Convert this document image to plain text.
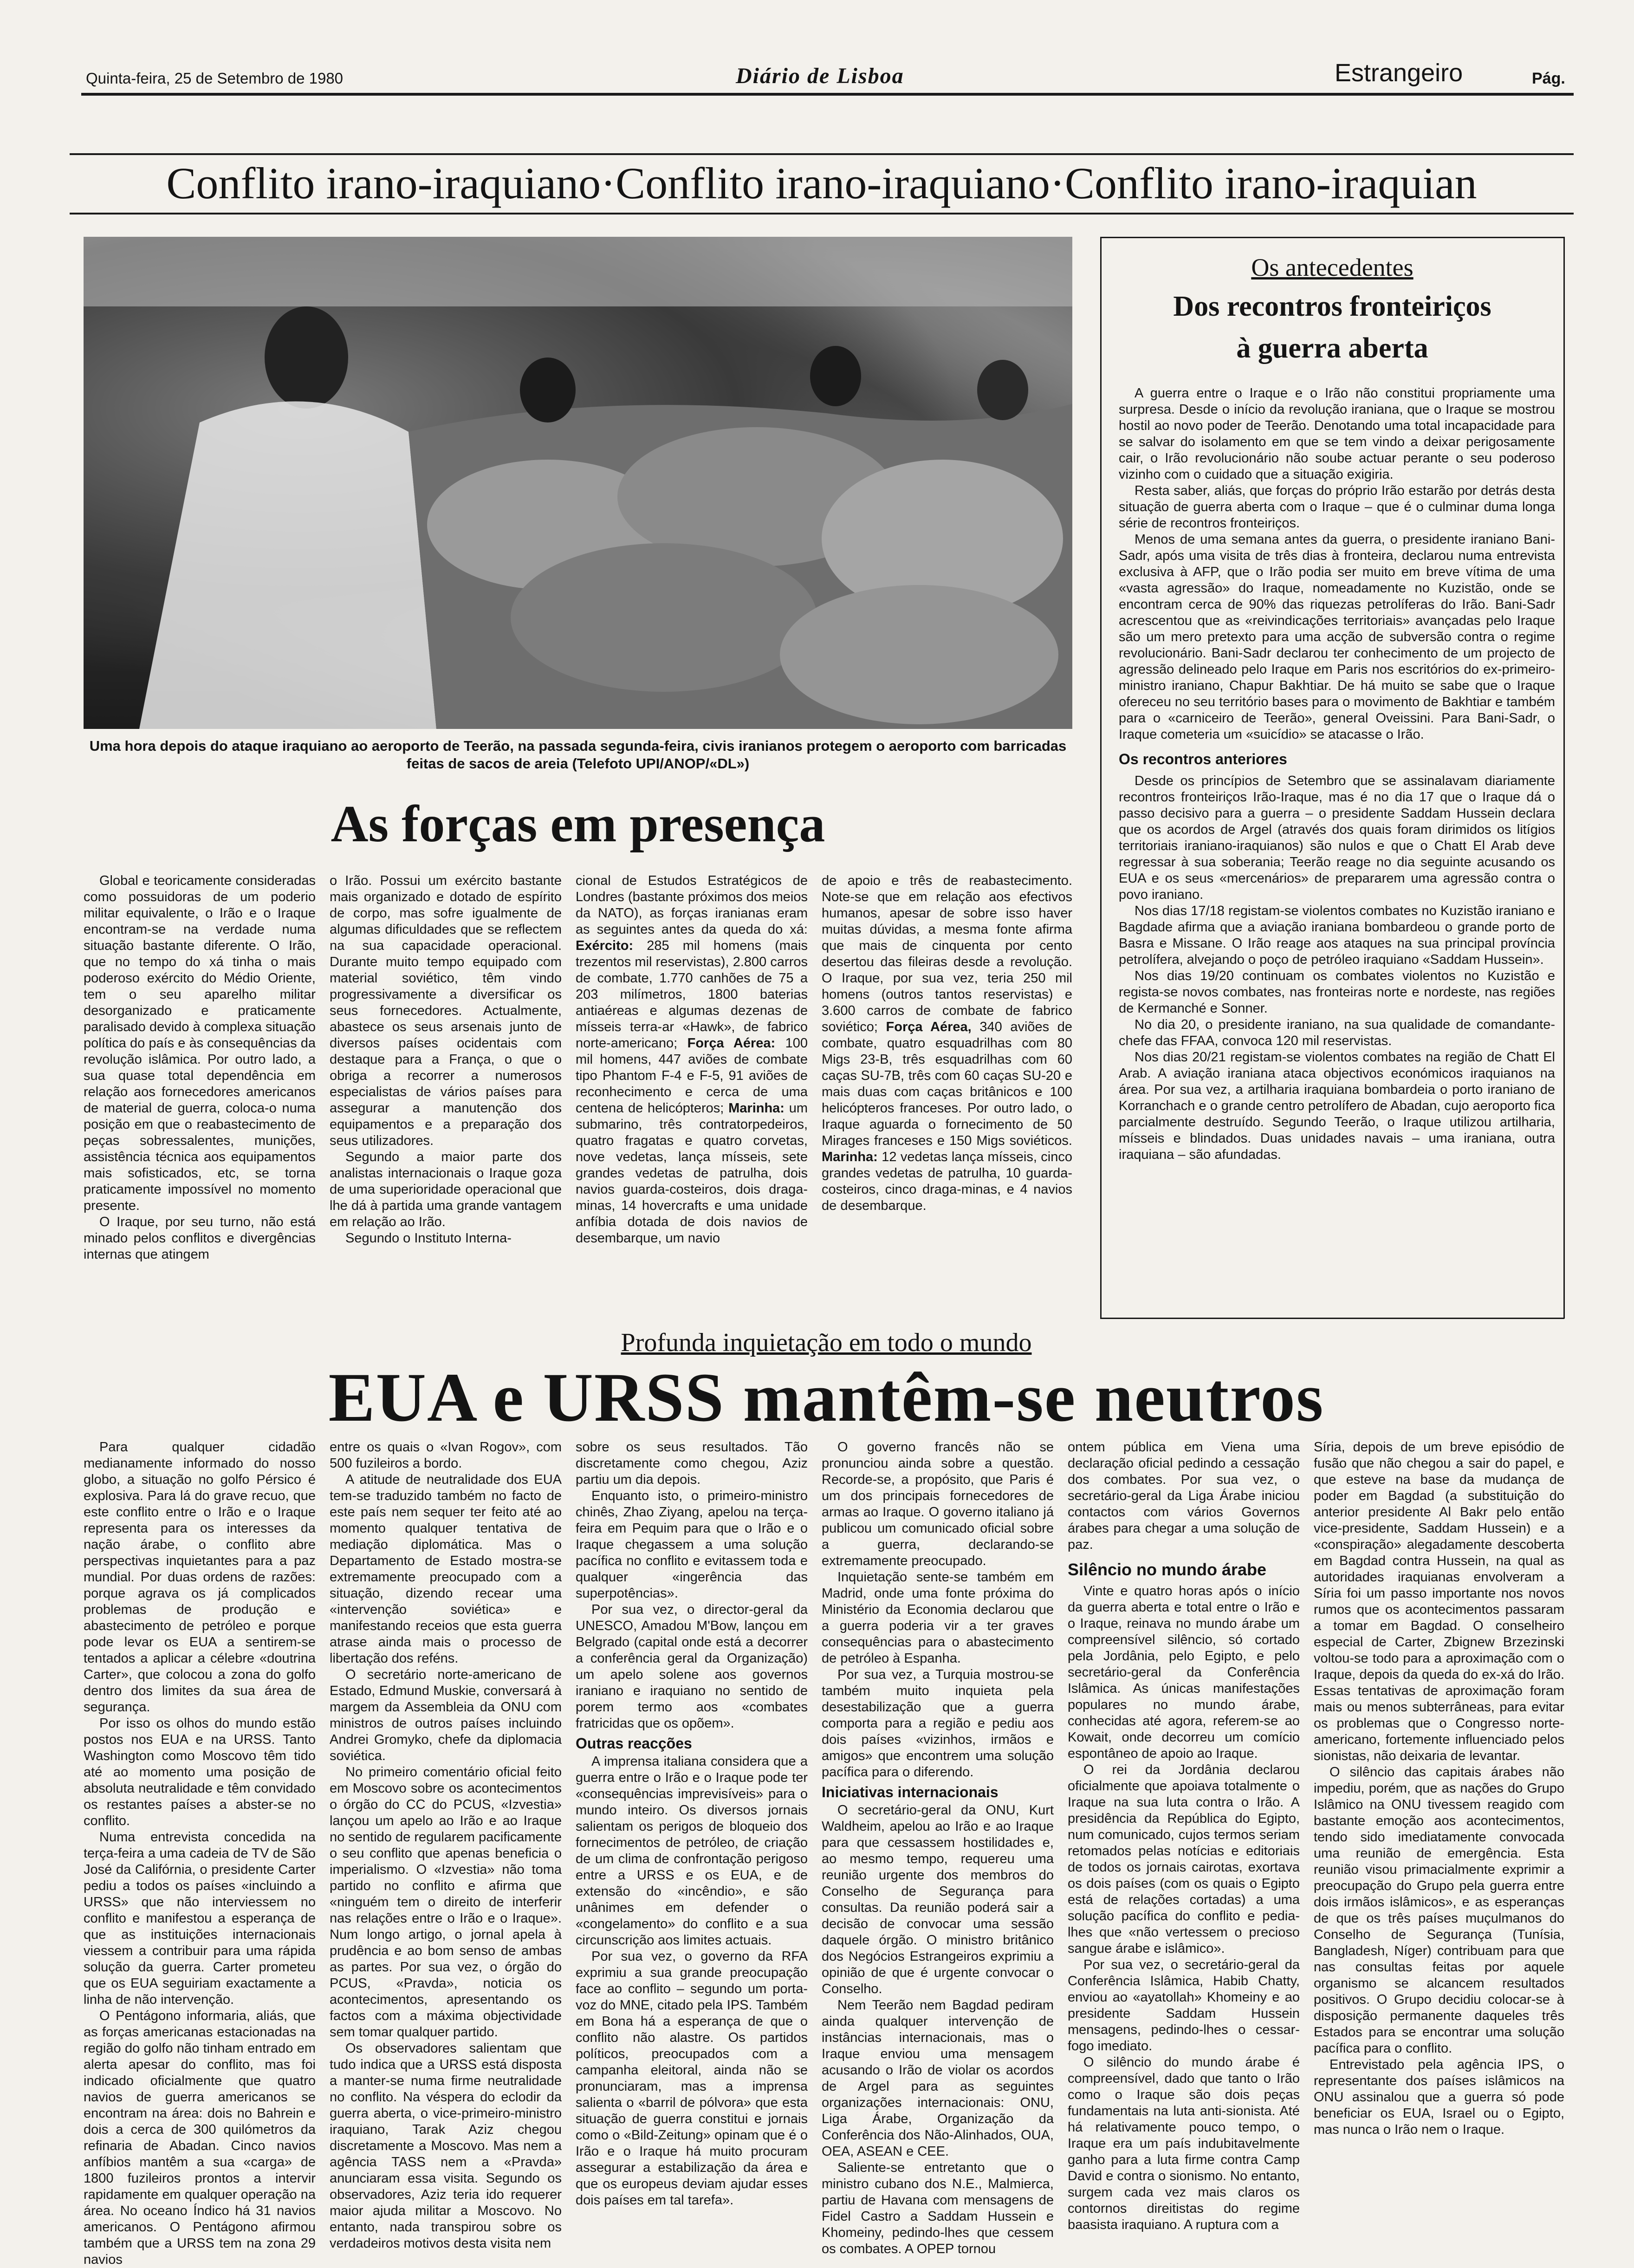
Quinta-feira, 25 de Setembro de 1980	Diário de Lisboa	Estrangeiro	Pág.
Conflito irano-iraquiano·Conflito irano-iraquiano·Conflito irano-iraquian
Uma hora depois do ataque iraquiano ao aeroporto de Teerão, na passada segunda-feira, civis iranianos protegem o aeroporto com barricadas feitas de sacos de areia (Telefoto UPI/ANOP/«DL»)
Os antecedentes
Dos recontros fronteiriços
à guerra aberta

A guerra entre o Iraque e o Irão não constitui propriamente uma surpresa. Desde o início da revolução iraniana, que o Iraque se mostrou hostil ao novo poder de Teerão. Denotando uma total incapacidade para se salvar do isolamento em que se tem vindo a deixar perigosamente cair, o Irão revolucionário não soube actuar perante o seu poderoso vizinho com o cuidado que a situação exigiria.

Resta saber, aliás, que forças do próprio Irão estarão por detrás desta situação de guerra aberta com o Iraque – que é o culminar duma longa série de recontros fronteiriços.

Menos de uma semana antes da guerra, o presidente iraniano Bani-Sadr, após uma visita de três dias à fronteira, declarou numa entrevista exclusiva à AFP, que o Irão podia ser muito em breve vítima de uma «vasta agressão» do Iraque, nomeadamente no Kuzistão, onde se encontram cerca de 90% das riquezas petrolíferas do Irão. Bani-Sadr acrescentou que as «reivindicações territoriais» avançadas pelo Iraque são um mero pretexto para uma acção de subversão contra o regime revolucionário. Bani-Sadr declarou ter conhecimento de um projecto de agressão delineado pelo Iraque em Paris nos escritórios do ex-primeiro-ministro iraniano, Chapur Bakhtiar. De há muito se sabe que o Iraque ofereceu no seu território bases para o movimento de Bakhtiar e também para o «carniceiro de Teerão», general Oveissini. Para Bani-Sadr, o Iraque cometeria um «suicídio» se atacasse o Irão.

Os recontros anteriores

Desde os princípios de Setembro que se assinalavam diariamente recontros fronteiriços Irão-Iraque, mas é no dia 17 que o Iraque dá o passo decisivo para a guerra – o presidente Saddam Hussein declara que os acordos de Argel (através dos quais foram dirimidos os litígios territoriais iraniano-iraquianos) são nulos e que o Chatt El Arab deve regressar à sua soberania; Teerão reage no dia seguinte acusando os EUA e os seus «mercenários» de prepararem uma agressão contra o povo iraniano.

Nos dias 17/18 registam-se violentos combates no Kuzistão iraniano e Bagdade afirma que a aviação iraniana bombardeou o grande porto de Basra e Missane. O Irão reage aos ataques na sua principal província petrolífera, alvejando o poço de petróleo iraquiano «Saddam Hussein».

Nos dias 19/20 continuam os combates violentos no Kuzistão e regista-se novos combates, nas fronteiras norte e nordeste, nas regiões de Kermanché e Sonner.

No dia 20, o presidente iraniano, na sua qualidade de comandante-chefe das FFAA, convoca 120 mil reservistas.

Nos dias 20/21 registam-se violentos combates na região de Chatt El Arab. A aviação iraniana ataca objectivos económicos iraquianos na área. Por sua vez, a artilharia iraquiana bombardeia o porto iraniano de Korranchach e o grande centro petrolífero de Abadan, cujo aeroporto fica parcialmente destruído. Segundo Teerão, o Iraque utilizou artilharia, mísseis e blindados. Duas unidades navais – uma iraniana, outra iraquiana – são afundadas.

As forças em presença

Global e teoricamente consideradas como possuidoras de um poderio militar equivalente, o Irão e o Iraque encontram-se na verdade numa situação bastante diferente. O Irão, que no tempo do xá tinha o mais poderoso exército do Médio Oriente, tem o seu aparelho militar desorganizado e praticamente paralisado devido à complexa situação política do país e às consequências da revolução islâmica. Por outro lado, a sua quase total dependência em relação aos fornecedores americanos de material de guerra, coloca-o numa posição em que o reabastecimento de peças sobressalentes, munições, assistência técnica aos equipamentos mais sofisticados, etc, se torna praticamente impossível no momento presente.

O Iraque, por seu turno, não está minado pelos conflitos e divergências internas que atingem

o Irão. Possui um exército bastante mais organizado e dotado de espírito de corpo, mas sofre igualmente de algumas dificuldades que se reflectem na sua capacidade operacional. Durante muito tempo equipado com material soviético, têm vindo progressivamente a diversificar os seus fornecedores. Actualmente, abastece os seus arsenais junto de diversos países ocidentais com destaque para a França, o que o obriga a recorrer a numerosos especialistas de vários países para assegurar a manutenção dos equipamentos e a preparação dos seus utilizadores.

Segundo a maior parte dos analistas internacionais o Iraque goza de uma superioridade operacional que lhe dá à partida uma grande vantagem em relação ao Irão.

Segundo o Instituto Interna-

cional de Estudos Estratégicos de Londres (bastante próximos dos meios da NATO), as forças iranianas eram as seguintes antes da queda do xá: Exército: 285 mil homens (mais trezentos mil reservistas), 2.800 carros de combate, 1.770 canhões de 75 a 203 milímetros, 1800 baterias antiaéreas e algumas dezenas de mísseis terra-ar «Hawk», de fabrico norte-americano; Força Aérea: 100 mil homens, 447 aviões de combate tipo Phantom F-4 e F-5, 91 aviões de reconhecimento e cerca de uma centena de helicópteros; Marinha: um submarino, três contratorpedeiros, quatro fragatas e quatro corvetas, nove vedetas, lança mísseis, sete grandes vedetas de patrulha, dois navios guarda-costeiros, dois draga-minas, 14 hovercrafts e uma unidade anfíbia dotada de dois navios de desembarque, um navio

de apoio e três de reabastecimento. Note-se que em relação aos efectivos humanos, apesar de sobre isso haver muitas dúvidas, a mesma fonte afirma que mais de cinquenta por cento desertou das fileiras desde a revolução. O Iraque, por sua vez, teria 250 mil homens (outros tantos reservistas) e 3.600 carros de combate de fabrico soviético; Força Aérea, 340 aviões de combate, quatro esquadrilhas com 80 Migs 23-B, três esquadrilhas com 60 caças SU-7B, três com 60 caças SU-20 e mais duas com caças britânicos e 100 helicópteros franceses. Por outro lado, o Iraque aguarda o fornecimento de 50 Mirages franceses e 150 Migs soviéticos. Marinha: 12 vedetas lança mísseis, cinco grandes vedetas de patrulha, 10 guarda-costeiros, cinco draga-minas, e 4 navios de desembarque.

Profunda inquietação em todo o mundo
EUA e URSS mantêm-se neutros

Para qualquer cidadão medianamente informado do nosso globo, a situação no golfo Pérsico é explosiva. Para lá do grave recuo, que este conflito entre o Irão e o Iraque representa para os interesses da nação árabe, o conflito abre perspectivas inquietantes para a paz mundial. Por duas ordens de razões: porque agrava os já complicados problemas de produção e abastecimento de petróleo e porque pode levar os EUA a sentirem-se tentados a aplicar a célebre «doutrina Carter», que colocou a zona do golfo dentro dos limites da sua área de segurança.

Por isso os olhos do mundo estão postos nos EUA e na URSS. Tanto Washington como Moscovo têm tido até ao momento uma posição de absoluta neutralidade e têm convidado os restantes países a abster-se no conflito.

Numa entrevista concedida na terça-feira a uma cadeia de TV de São José da Califórnia, o presidente Carter pediu a todos os países «incluindo a URSS» que não interviessem no conflito e manifestou a esperança de que as instituições internacionais viessem a contribuir para uma rápida solução da guerra. Carter prometeu que os EUA seguiriam exactamente a linha de não intervenção.

O Pentágono informaria, aliás, que as forças americanas estacionadas na região do golfo não tinham entrado em alerta apesar do conflito, mas foi indicado oficialmente que quatro navios de guerra americanos se encontram na área: dois no Bahrein e dois a cerca de 300 quilómetros da refinaria de Abadan. Cinco navios anfíbios mantêm a sua «carga» de 1800 fuzileiros prontos a intervir rapidamente em qualquer operação na área. No oceano Índico há 31 navios americanos. O Pentágono afirmou também que a URSS tem na zona 29 navios

entre os quais o «Ivan Rogov», com 500 fuzileiros a bordo.

A atitude de neutralidade dos EUA tem-se traduzido também no facto de este país nem sequer ter feito até ao momento qualquer tentativa de mediação diplomática. Mas o Departamento de Estado mostra-se extremamente preocupado com a situação, dizendo recear uma «intervenção soviética» e manifestando receios que esta guerra atrase ainda mais o processo de libertação dos reféns.

O secretário norte-americano de Estado, Edmund Muskie, conversará à margem da Assembleia da ONU com ministros de outros países incluindo Andrei Gromyko, chefe da diplomacia soviética.

No primeiro comentário oficial feito em Moscovo sobre os acontecimentos o órgão do CC do PCUS, «Izvestia» lançou um apelo ao Irão e ao Iraque no sentido de regularem pacificamente o seu conflito que apenas beneficia o imperialismo. O «Izvestia» não toma partido no conflito e afirma que «ninguém tem o direito de interferir nas relações entre o Irão e o Iraque». Num longo artigo, o jornal apela à prudência e ao bom senso de ambas as partes. Por sua vez, o órgão do PCUS, «Pravda», noticia os acontecimentos, apresentando os factos com a máxima objectividade sem tomar qualquer partido.

Os observadores salientam que tudo indica que a URSS está disposta a manter-se numa firme neutralidade no conflito. Na véspera do eclodir da guerra aberta, o vice-primeiro-ministro iraquiano, Tarak Aziz chegou discretamente a Moscovo. Mas nem a agência TASS nem a «Pravda» anunciaram essa visita. Segundo os observadores, Aziz teria ido requerer maior ajuda militar a Moscovo. No entanto, nada transpirou sobre os verdadeiros motivos desta visita nem

sobre os seus resultados. Tão discretamente como chegou, Aziz partiu um dia depois.

Enquanto isto, o primeiro-ministro chinês, Zhao Ziyang, apelou na terça-feira em Pequim para que o Irão e o Iraque chegassem a uma solução pacífica no conflito e evitassem toda e qualquer «ingerência das superpotências».

Por sua vez, o director-geral da UNESCO, Amadou M'Bow, lançou em Belgrado (capital onde está a decorrer a conferência geral da Organização) um apelo solene aos governos iraniano e iraquiano no sentido de porem termo aos «combates fratricidas que os opõem».

Outras reacções

A imprensa italiana considera que a guerra entre o Irão e o Iraque pode ter «consequências imprevisíveis» para o mundo inteiro. Os diversos jornais salientam os perigos de bloqueio dos fornecimentos de petróleo, de criação de um clima de confrontação perigoso entre a URSS e os EUA, e de extensão do «incêndio», e são unânimes em defender o «congelamento» do conflito e a sua circunscrição aos limites actuais.

Por sua vez, o governo da RFA exprimiu a sua grande preocupação face ao conflito – segundo um porta-voz do MNE, citado pela IPS. Também em Bona há a esperança de que o conflito não alastre. Os partidos políticos, preocupados com a campanha eleitoral, ainda não se pronunciaram, mas a imprensa salienta o «barril de pólvora» que esta situação de guerra constitui e jornais como o «Bild-Zeitung» opinam que é o Irão e o Iraque há muito procuram assegurar a estabilização da área e que os europeus deviam ajudar esses dois países em tal tarefa».

O governo francês não se pronunciou ainda sobre a questão. Recorde-se, a propósito, que Paris é um dos principais fornecedores de armas ao Iraque. O governo italiano já publicou um comunicado oficial sobre a guerra, declarando-se extremamente preocupado.

Inquietação sente-se também em Madrid, onde uma fonte próxima do Ministério da Economia declarou que a guerra poderia vir a ter graves consequências para o abastecimento de petróleo à Espanha.

Por sua vez, a Turquia mostrou-se também muito inquieta pela desestabilização que a guerra comporta para a região e pediu aos dois países «vizinhos, irmãos e amigos» que encontrem uma solução pacífica para o diferendo.

Iniciativas internacionais

O secretário-geral da ONU, Kurt Waldheim, apelou ao Irão e ao Iraque para que cessassem hostilidades e, ao mesmo tempo, requereu uma reunião urgente dos membros do Conselho de Segurança para consultas. Da reunião poderá sair a decisão de convocar uma sessão daquele órgão. O ministro britânico dos Negócios Estrangeiros exprimiu a opinião de que é urgente convocar o Conselho.

Nem Teerão nem Bagdad pediram ainda qualquer intervenção de instâncias internacionais, mas o Iraque enviou uma mensagem acusando o Irão de violar os acordos de Argel para as seguintes organizações internacionais: ONU, Liga Árabe, Organização da Conferência dos Não-Alinhados, OUA, OEA, ASEAN e CEE.

Saliente-se entretanto que o ministro cubano dos N.E., Malmierca, partiu de Havana com mensagens de Fidel Castro a Saddam Hussein e Khomeiny, pedindo-lhes que cessem os combates. A OPEP tornou

ontem pública em Viena uma declaração oficial pedindo a cessação dos combates. Por sua vez, o secretário-geral da Liga Árabe iniciou contactos com vários Governos árabes para chegar a uma solução de paz.

Silêncio no mundo árabe

Vinte e quatro horas após o início da guerra aberta e total entre o Irão e o Iraque, reinava no mundo árabe um compreensível silêncio, só cortado pela Jordânia, pelo Egipto, e pelo secretário-geral da Conferência Islâmica. As únicas manifestações populares no mundo árabe, conhecidas até agora, referem-se ao Kowait, onde decorreu um comício espontâneo de apoio ao Iraque.

O rei da Jordânia declarou oficialmente que apoiava totalmente o Iraque na sua luta contra o Irão. A presidência da República do Egipto, num comunicado, cujos termos seriam retomados pelas notícias e editoriais de todos os jornais cairotas, exortava os dois países (com os quais o Egipto está de relações cortadas) a uma solução pacífica do conflito e pedia-lhes que «não vertessem o precioso sangue árabe e islâmico».

Por sua vez, o secretário-geral da Conferência Islâmica, Habib Chatty, enviou ao «ayatollah» Khomeiny e ao presidente Saddam Hussein mensagens, pedindo-lhes o cessar-fogo imediato.

O silêncio do mundo árabe é compreensível, dado que tanto o Irão como o Iraque são dois peças fundamentais na luta anti-sionista. Até há relativamente pouco tempo, o Iraque era um país indubitavelmente ganho para a luta firme contra Camp David e contra o sionismo. No entanto, surgem cada vez mais claros os contornos direitistas do regime baasista iraquiano. A ruptura com a

Síria, depois de um breve episódio de fusão que não chegou a sair do papel, e que esteve na base da mudança de poder em Bagdad (a substituição do anterior presidente Al Bakr pelo então vice-presidente, Saddam Hussein) e a «conspiração» alegadamente descoberta em Bagdad contra Hussein, na qual as autoridades iraquianas envolveram a Síria foi um passo importante nos novos rumos que os acontecimentos passaram a tomar em Bagdad. O conselheiro especial de Carter, Zbignew Brzezinski voltou-se todo para a aproximação com o Iraque, depois da queda do ex-xá do Irão. Essas tentativas de aproximação foram mais ou menos subterrâneas, para evitar os problemas que o Congresso norte-americano, fortemente influenciado pelos sionistas, não deixaria de levantar.

O silêncio das capitais árabes não impediu, porém, que as nações do Grupo Islâmico na ONU tivessem reagido com bastante emoção aos acontecimentos, tendo sido imediatamente convocada uma reunião de emergência. Esta reunião visou primacialmente exprimir a preocupação do Grupo pela guerra entre dois irmãos islâmicos», e as esperanças de que os três países muçulmanos do Conselho de Segurança (Tunísia, Bangladesh, Níger) contribuam para que nas consultas feitas por aquele organismo se alcancem resultados positivos. O Grupo decidiu colocar-se à disposição permanente daqueles três Estados para se encontrar uma solução pacífica para o conflito.

Entrevistado pela agência IPS, o representante dos países islâmicos na ONU assinalou que a guerra só pode beneficiar os EUA, Israel ou o Egipto, mas nunca o Irão nem o Iraque.
